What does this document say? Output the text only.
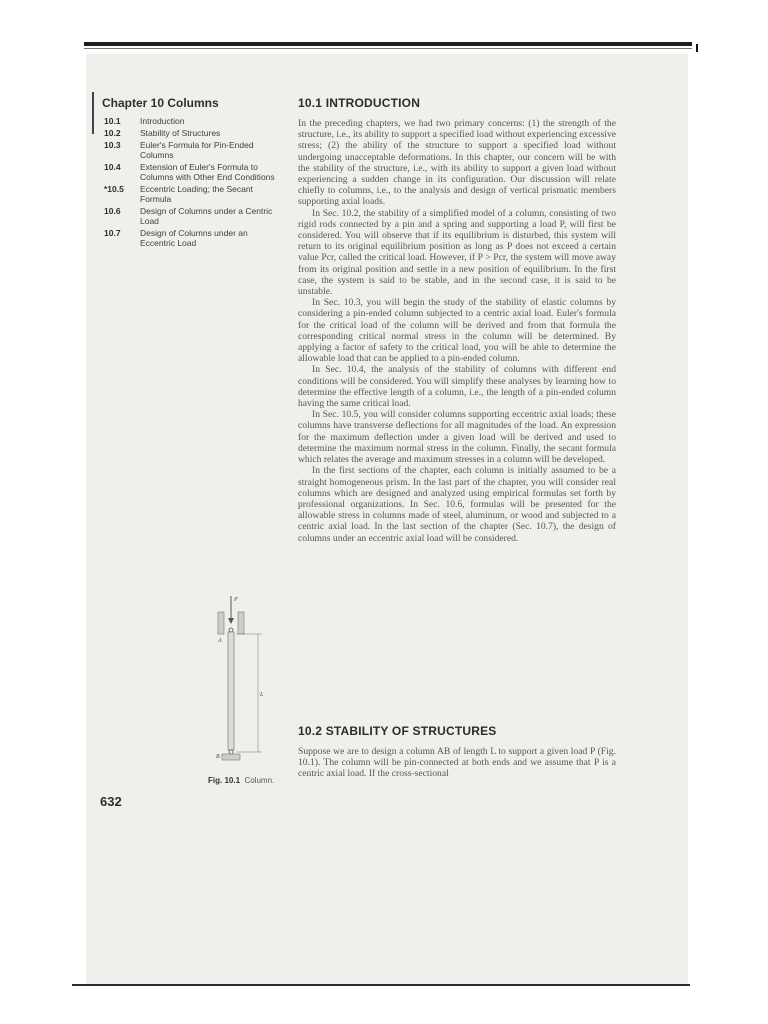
Chapter 10 Columns
10.1 Introduction
10.2 Stability of Structures
10.3 Euler's Formula for Pin-Ended Columns
10.4 Extension of Euler's Formula to Columns with Other End Conditions
*10.5 Eccentric Loading; the Secant Formula
10.6 Design of Columns under a Centric Load
10.7 Design of Columns under an Eccentric Load
10.1 INTRODUCTION

In the preceding chapters, we had two primary concerns: (1) the strength of the structure, i.e., its ability to support a specified load without experiencing excessive stress; (2) the ability of the structure to support a specified load without undergoing unacceptable deformations. In this chapter, our concern will be with the stability of the structure, i.e., with its ability to support a given load without experiencing a sudden change in its configuration. Our discussion will relate chiefly to columns, i.e., to the analysis and design of vertical prismatic members supporting axial loads.

In Sec. 10.2, the stability of a simplified model of a column, consisting of two rigid rods connected by a pin and a spring and supporting a load P, will first be considered. You will observe that if its equilibrium is disturbed, this system will return to its original equilibrium position as long as P does not exceed a certain value Pcr, called the critical load. However, if P > Pcr, the system will move away from its original position and settle in a new position of equilibrium. In the first case, the system is said to be stable, and in the second case, it is said to be unstable.

In Sec. 10.3, you will begin the study of the stability of elastic columns by considering a pin-ended column subjected to a centric axial load. Euler's formula for the critical load of the column will be derived and from that formula the corresponding critical normal stress in the column will be determined. By applying a factor of safety to the critical load, you will be able to determine the allowable load that can be applied to a pin-ended column.

In Sec. 10.4, the analysis of the stability of columns with different end conditions will be considered. You will simplify these analyses by learning how to determine the effective length of a column, i.e., the length of a pin-ended column having the same critical load.

In Sec. 10.5, you will consider columns supporting eccentric axial loads; these columns have transverse deflections for all magnitudes of the load. An expression for the maximum deflection under a given load will be derived and used to determine the maximum normal stress in the column. Finally, the secant formula which relates the average and maximum stresses in a column will be developed.

In the first sections of the chapter, each column is initially assumed to be a straight homogeneous prism. In the last part of the chapter, you will consider real columns which are designed and analyzed using empirical formulas set forth by professional organizations. In Sec. 10.6, formulas will be presented for the allowable stress in columns made of steel, aluminum, or wood and subjected to a centric axial load. In the last section of the chapter (Sec. 10.7), the design of columns under an eccentric axial load will be considered.

10.2 STABILITY OF STRUCTURES

Suppose we are to design a column AB of length L to support a given load P (Fig. 10.1). The column will be pin-connected at both ends and we assume that P is a centric axial load. If the cross-sectional

P
A
B
L

Fig. 10.1 Column.

632
